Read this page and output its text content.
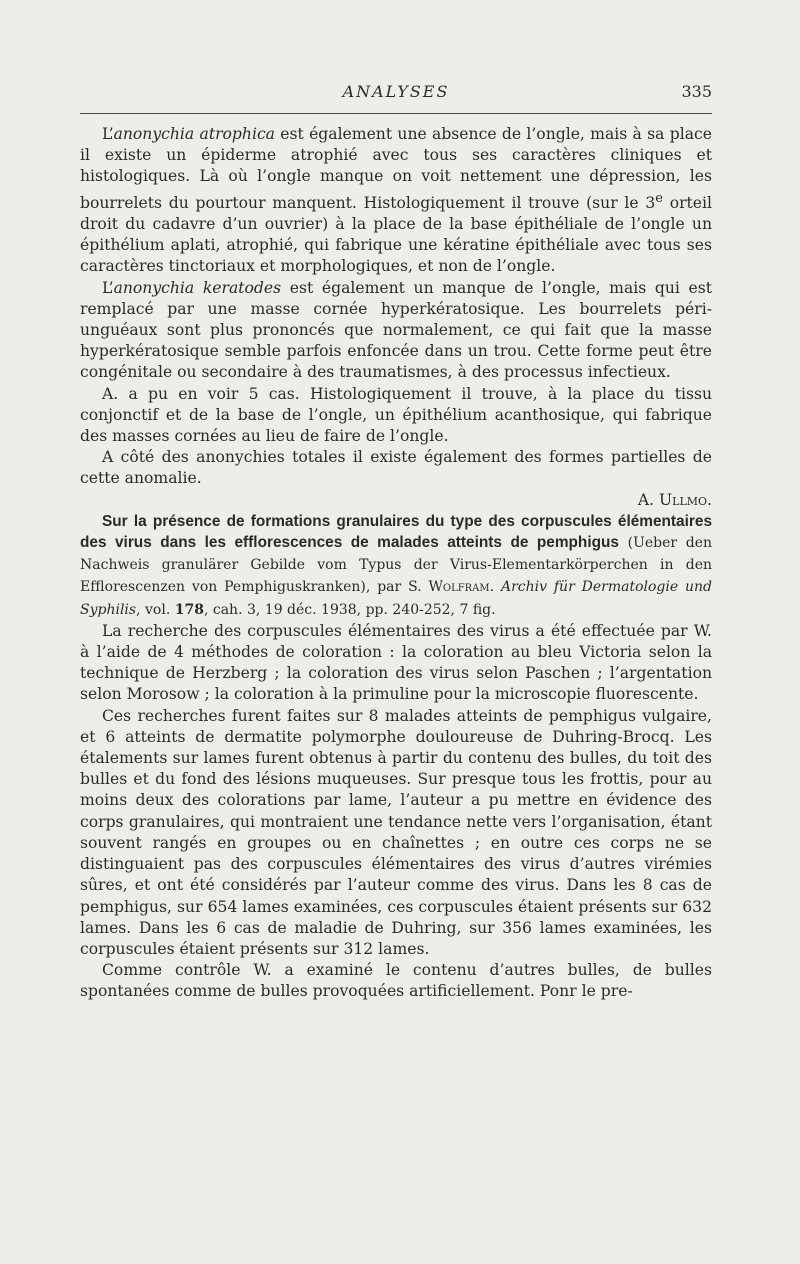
ANALYSES	335

L’anonychia atrophica est également une absence de l’ongle, mais à sa place il existe un épiderme atrophié avec tous ses caractères cliniques et histologiques. Là où l’ongle manque on voit nettement une dépression, les bourrelets du pourtour manquent. Histologiquement il trouve (sur le 3e orteil droit du cadavre d’un ouvrier) à la place de la base épithéliale de l’ongle un épithélium aplati, atrophié, qui fabrique une kératine épithéliale avec tous ses caractères tinctoriaux et morphologiques, et non de l’ongle.

L’anonychia keratodes est également un manque de l’ongle, mais qui est remplacé par une masse cornée hyperkératosique. Les bourrelets péri-unguéaux sont plus prononcés que normalement, ce qui fait que la masse hyperkératosique semble parfois enfoncée dans un trou. Cette forme peut être congénitale ou secondaire à des traumatismes, à des processus infectieux.

A. a pu en voir 5 cas. Histologiquement il trouve, à la place du tissu conjonctif et de la base de l’ongle, un épithélium acanthosique, qui fabrique des masses cornées au lieu de faire de l’ongle.

A côté des anonychies totales il existe également des formes partielles de cette anomalie.

A. Ullmo.

Sur la présence de formations granulaires du type des corpuscules élémentaires des virus dans les efflorescences de malades atteints de pemphigus (Ueber den Nachweis granulärer Gebilde vom Typus der Virus-Elementarkörperchen in den Efflorescenzen von Pemphiguskranken), par S. Wolfram. Archiv für Dermatologie und Syphilis, vol. 178, cah. 3, 19 déc. 1938, pp. 240-252, 7 fig.

La recherche des corpuscules élémentaires des virus a été effectuée par W. à l’aide de 4 méthodes de coloration : la coloration au bleu Victoria selon la technique de Herzberg ; la coloration des virus selon Paschen ; l’argentation selon Morosow ; la coloration à la primuline pour la microscopie fluorescente.

Ces recherches furent faites sur 8 malades atteints de pemphigus vulgaire, et 6 atteints de dermatite polymorphe douloureuse de Duhring-Brocq. Les étalements sur lames furent obtenus à partir du contenu des bulles, du toit des bulles et du fond des lésions muqueuses. Sur presque tous les frottis, pour au moins deux des colorations par lame, l’auteur a pu mettre en évidence des corps granulaires, qui montraient une tendance nette vers l’organisation, étant souvent rangés en groupes ou en chaînettes ; en outre ces corps ne se distinguaient pas des corpuscules élémentaires des virus d’autres virémies sûres, et ont été considérés par l’auteur comme des virus. Dans les 8 cas de pemphigus, sur 654 lames examinées, ces corpuscules étaient présents sur 632 lames. Dans les 6 cas de maladie de Duhring, sur 356 lames examinées, les corpuscules étaient présents sur 312 lames.

Comme contrôle W. a examiné le contenu d’autres bulles, de bulles spontanées comme de bulles provoquées artificiellement. Ponr le pre-
